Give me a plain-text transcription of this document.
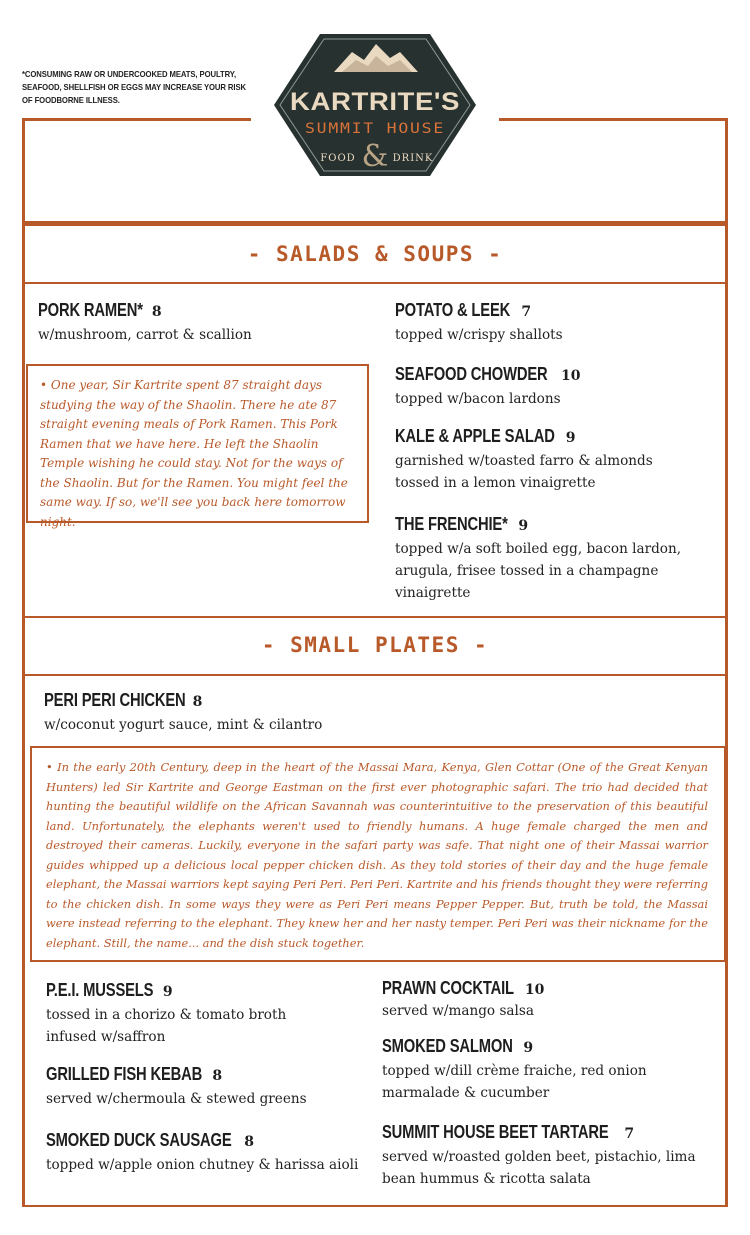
*CONSUMING RAW OR UNDERCOOKED MEATS, POULTRY, SEAFOOD, SHELLFISH OR EGGS MAY INCREASE YOUR RISK OF FOODBORNE ILLNESS.	KARTRITE'S
SUMMIT HOUSE
FOOD & DRINK
- SALADS & SOUPS -
PORK RAMEN* 8
w/mushroom, carrot & scallion
• One year, Sir Kartrite spent 87 straight days studying the way of the Shaolin. There he ate 87 straight evening meals of Pork Ramen. This Pork Ramen that we have here. He left the Shaolin Temple wishing he could stay. Not for the ways of the Shaolin. But for the Ramen. You might feel the same way. If so, we'll see you back here tomorrow night.
POTATO & LEEK 7
topped w/crispy shallots
SEAFOOD CHOWDER 10
topped w/bacon lardons
KALE & APPLE SALAD 9
garnished w/toasted farro & almonds tossed in a lemon vinaigrette
THE FRENCHIE* 9
topped w/a soft boiled egg, bacon lardon, arugula, frisee tossed in a champagne vinaigrette
- SMALL PLATES -
PERI PERI CHICKEN 8
w/coconut yogurt sauce, mint & cilantro
• In the early 20th Century, deep in the heart of the Massai Mara, Kenya, Glen Cottar (One of the Great Kenyan Hunters) led Sir Kartrite and George Eastman on the first ever photographic safari. The trio had decided that hunting the beautiful wildlife on the African Savannah was counterintuitive to the preservation of this beautiful land. Unfortunately, the elephants weren't used to friendly humans. A huge female charged the men and destroyed their cameras. Luckily, everyone in the safari party was safe. That night one of their Massai warrior guides whipped up a delicious local pepper chicken dish. As they told stories of their day and the huge female elephant, the Massai warriors kept saying Peri Peri. Peri Peri. Kartrite and his friends thought they were referring to the chicken dish. In some ways they were as Peri Peri means Pepper Pepper. But, truth be told, the Massai were instead referring to the elephant. They knew her and her nasty temper. Peri Peri was their nickname for the elephant. Still, the name... and the dish stuck together.
P.E.I. MUSSELS 9
tossed in a chorizo & tomato broth infused w/saffron
GRILLED FISH KEBAB 8
served w/chermoula & stewed greens
SMOKED DUCK SAUSAGE 8
topped w/apple onion chutney & harissa aioli
PRAWN COCKTAIL 10
served w/mango salsa
SMOKED SALMON 9
topped w/dill crème fraiche, red onion marmalade & cucumber
SUMMIT HOUSE BEET TARTARE 7
served w/roasted golden beet, pistachio, lima bean hummus & ricotta salata
